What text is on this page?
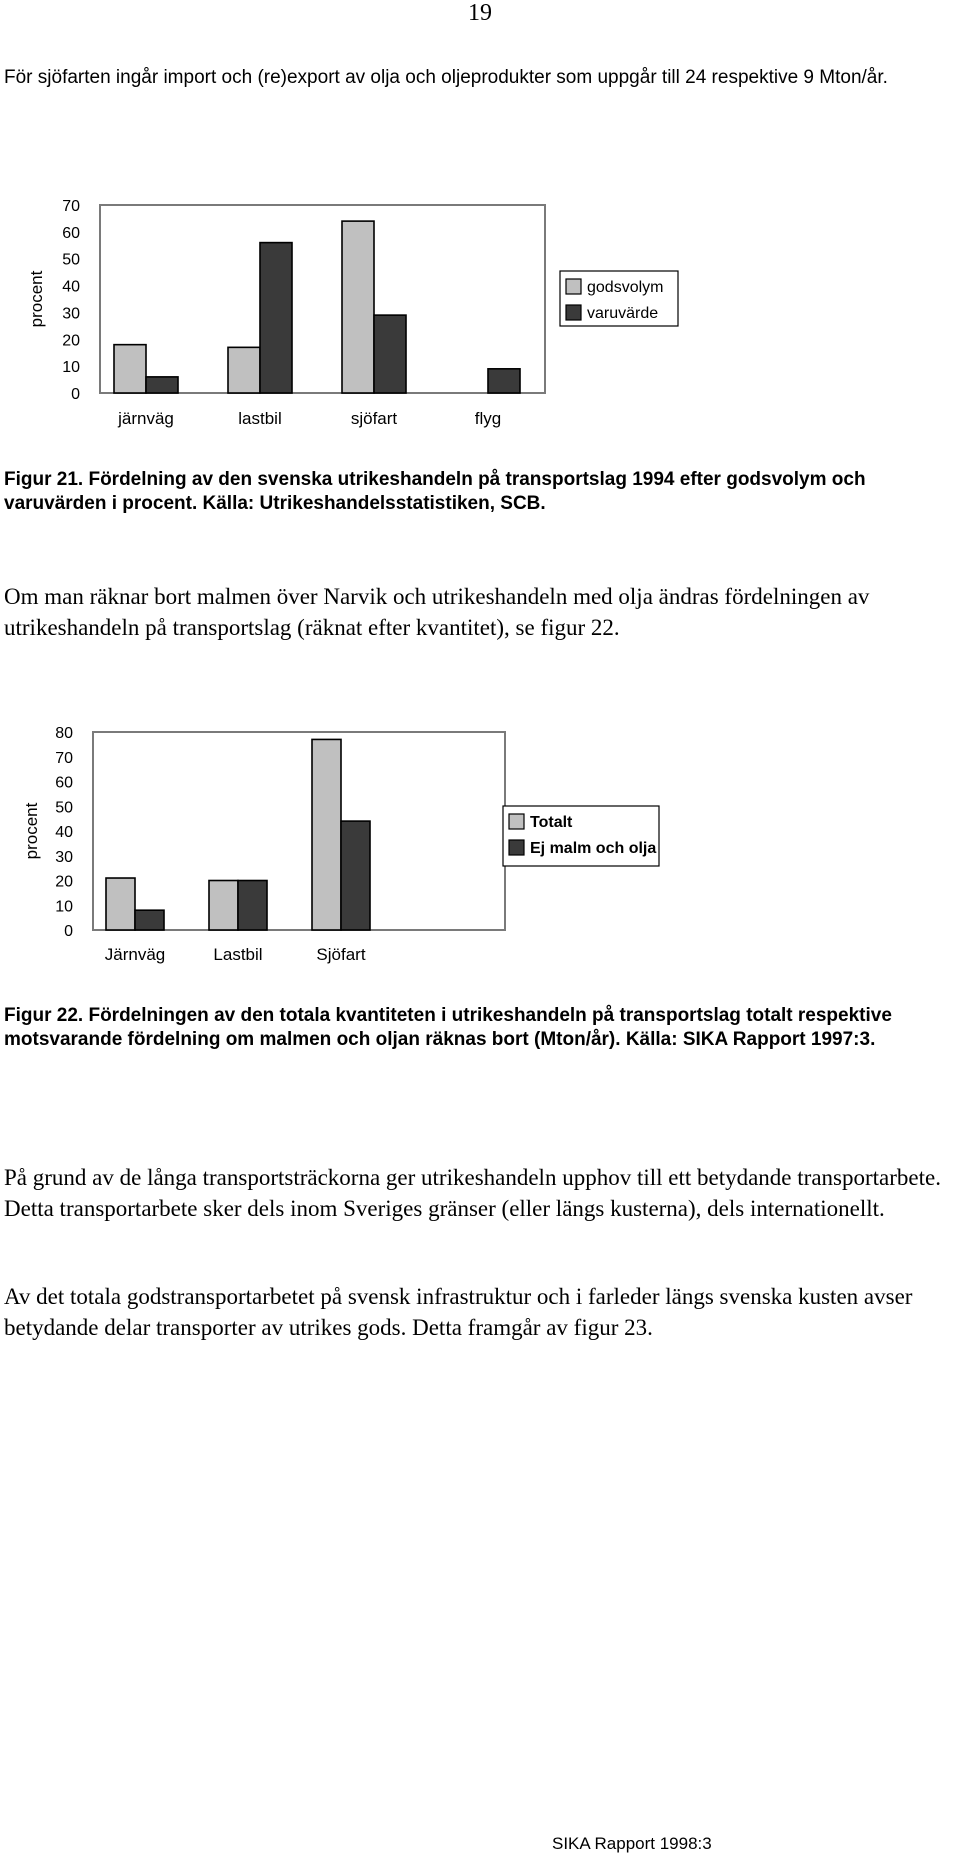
19

För sjöfarten ingår import och (re)export av olja och oljeprodukter som uppgår till 24 respektive 9 Mton/år.

0
10
20
30
40
50
60
70
procent
järnväg	lastbil	sjöfart	flyg
godsvolym
varuvärde

Figur 21. Fördelning av den svenska utrikeshandeln på transportslag 1994 efter godsvolym och varuvärden i procent. Källa: Utrikeshandelsstatistiken, SCB.

Om man räknar bort malmen över Narvik och utrikeshandeln med olja ändras fördelningen av utrikeshandeln på transportslag (räknat efter kvantitet), se figur 22.

0
10
20
30
40
50
60
70
80
procent
Järnväg	Lastbil	Sjöfart
Totalt
Ej malm och olja

Figur 22. Fördelningen av den totala kvantiteten i utrikeshandeln på transportslag totalt respektive motsvarande fördelning om malmen och oljan räknas bort (Mton/år). Källa: SIKA Rapport 1997:3.

På grund av de långa transportsträckorna ger utrikeshandeln upphov till ett betydande transportarbete. Detta transportarbete sker dels inom Sveriges gränser (eller längs kusterna), dels internationellt.

Av det totala godstransportarbetet på svensk infrastruktur och i farleder längs svenska kusten avser betydande delar transporter av utrikes gods. Detta framgår av figur 23.

SIKA Rapport 1998:3
